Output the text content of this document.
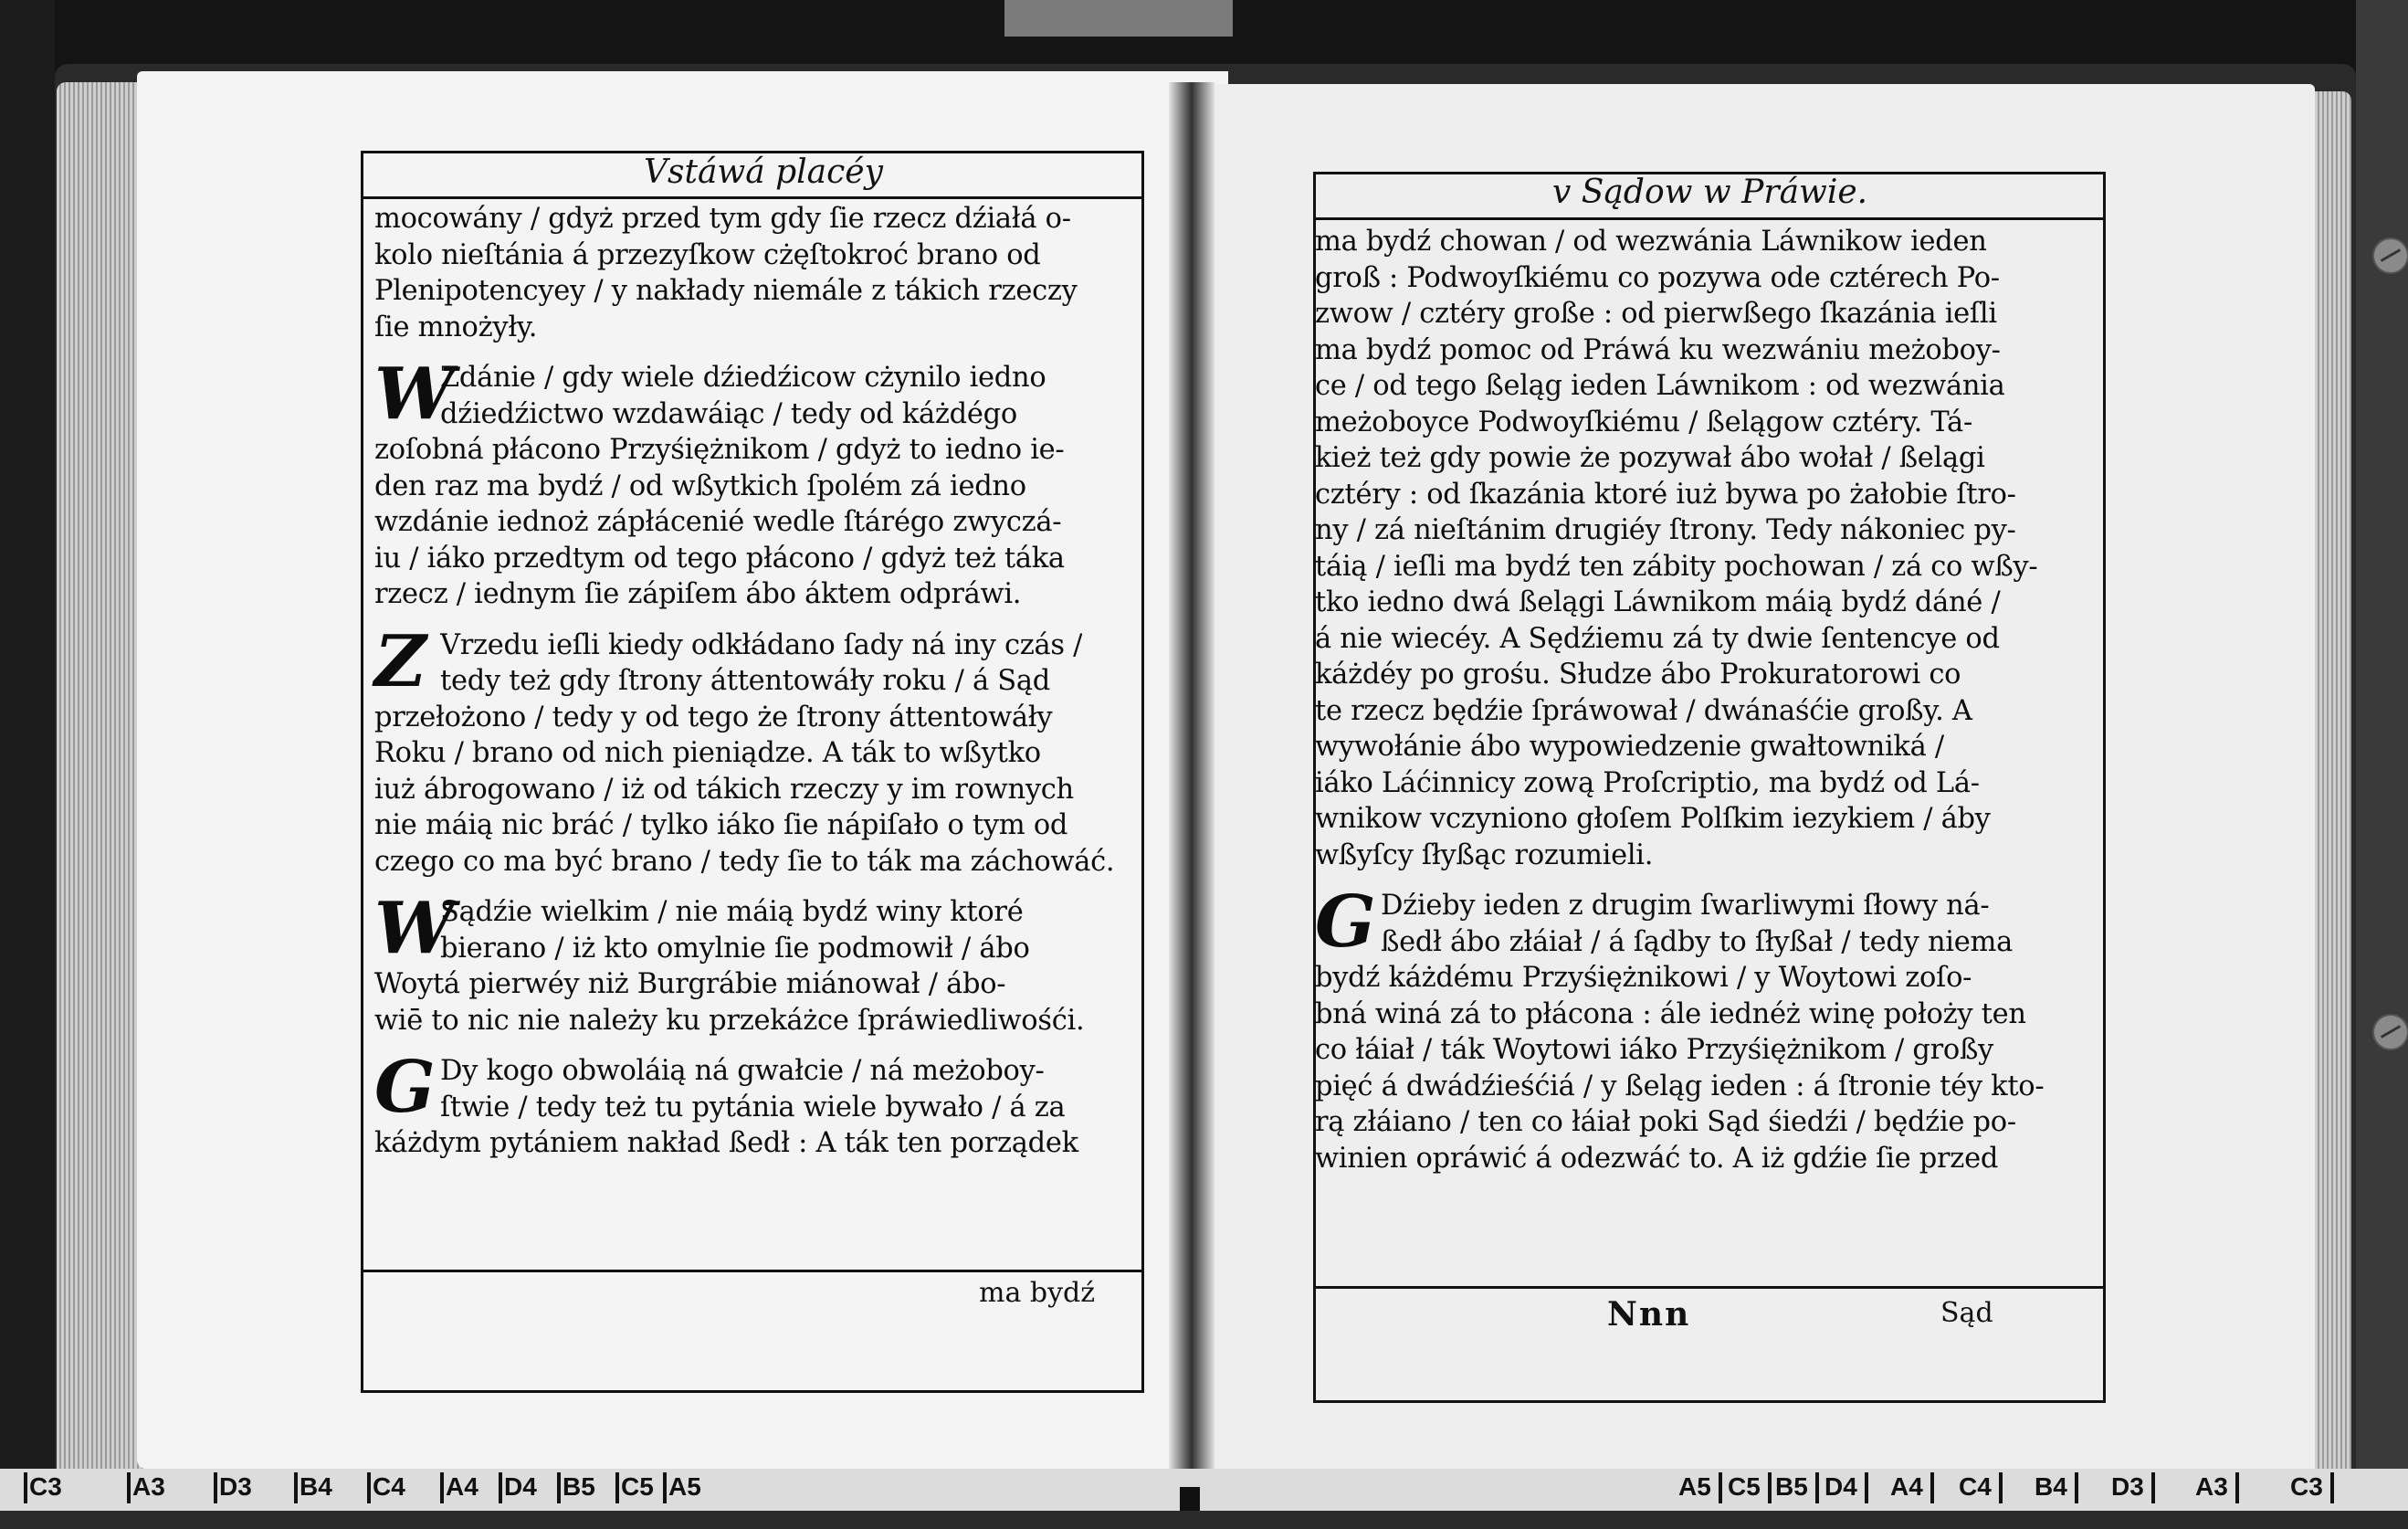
Vstáwá placéy

mocowány / gdyż przed tym gdy ſie rzecz dźiałá o-
kolo nieſtánia á przezyſkow cżęſtokroć brano od
Plenipotencyey / y nakłady niemále z tákich rzeczy
ſie mnożyły.

W
Zdánie / gdy wiele dźiedźicow cżynilo iedno
dźiedźictwo wzdawáiąc / tedy od káżdégo
zoſobná płácono Przyśiężnikom / gdyż to iedno ie-
den raz ma bydź / od wßytkich ſpolém zá iedno
wzdánie iednoż zápłácenié wedle ſtárégo zwyczá-
iu / iáko przedtym od tego płácono / gdyż też táka
rzecz / iednym ſie zápiſem ábo áktem odpráwi.

Z Vrzedu ieſli kiedy odkłádano ſady ná iny czás /
tedy też gdy ſtrony áttentowáły roku / á Sąd
przełożono / tedy y od tego że ſtrony áttentowáły
Roku / brano od nich pieniądze. A ták to wßytko
iuż ábrogowano / iż od tákich rzeczy y im rownych
nie máią nic bráć / tylko iáko ſie nápiſało o tym od
czego co ma być brano / tedy ſie to ták ma záchowáć.

W
Sądźie wielkim / nie máią bydź winy ktoré
bierano / iż kto omylnie ſie podmowił / ábo
Woytá pierwéy niż Burgrábie miánował / ábo-
wiē to nic nie należy ku przekáżce ſpráwiedliwośći.

G Dy kogo obwoláią ná gwałcie / ná meżoboy-
ſtwie / tedy też tu pytánia wiele bywało / á za
káżdym pytániem nakład ßedł : A ták ten porządek

ma bydź
v Sądow w Práwie.

ma bydź chowan / od wezwánia Láwnikow ieden
groß : Podwoyſkiému co pozywa ode cztérech Po-
zwow / cztéry große : od pierwßego ſkazánia ieſli
ma bydź pomoc od Práwá ku wezwániu meżoboy-
ce / od tego ßeląg ieden Láwnikom : od wezwánia
meżoboyce Podwoyſkiému / ßelągow cztéry. Tá-
kież też gdy powie że pozywał ábo wołał / ßelągi
cztéry : od ſkazánia ktoré iuż bywa po żałobie ſtro-
ny / zá nieſtánim drugiéy ſtrony. Tedy nákoniec py-
táią / ieſli ma bydź ten zábity pochowan / zá co wßy-
tko iedno dwá ßelągi Láwnikom máią bydź dáné /
á nie wiecéy. A Sędźiemu zá ty dwie ſentencye od
káżdéy po grośu. Słudze ábo Prokuratorowi co
te rzecz będźie ſpráwował / dwánaśćie großy. A
wywołánie ábo wypowiedzenie gwałtowniká /
iáko Láćinnicy zową Proſcriptio, ma bydź od Lá-
wnikow vczyniono głoſem Polſkim iezykiem / áby
wßyſcy ſłyßąc rozumieli.

G Dźieby ieden z drugim ſwarliwymi ſłowy ná-
ßedł ábo złáiał / á ſądby to ſłyßał / tedy niema
bydź káżdému Przyśiężnikowi / y Woytowi zoſo-
bná winá zá to płácona : ále iednéż winę położy ten
co łáiał / ták Woytowi iáko Przyśiężnikom / großy
pięć á dwádźieśćiá / y ßeląg ieden : á ſtronie téy kto-
rą złáiano / ten co łáiał poki Sąd śiedźi / będźie po-
winien opráwić á odezwáć to. A iż gdźie ſie przed

Nnn	Sąd
C3	A3 D3 B4 C4 A4 D4 B5 C5 A5	A5 C5 B5 D4 A4 C4 B4 D3 A3 C3
